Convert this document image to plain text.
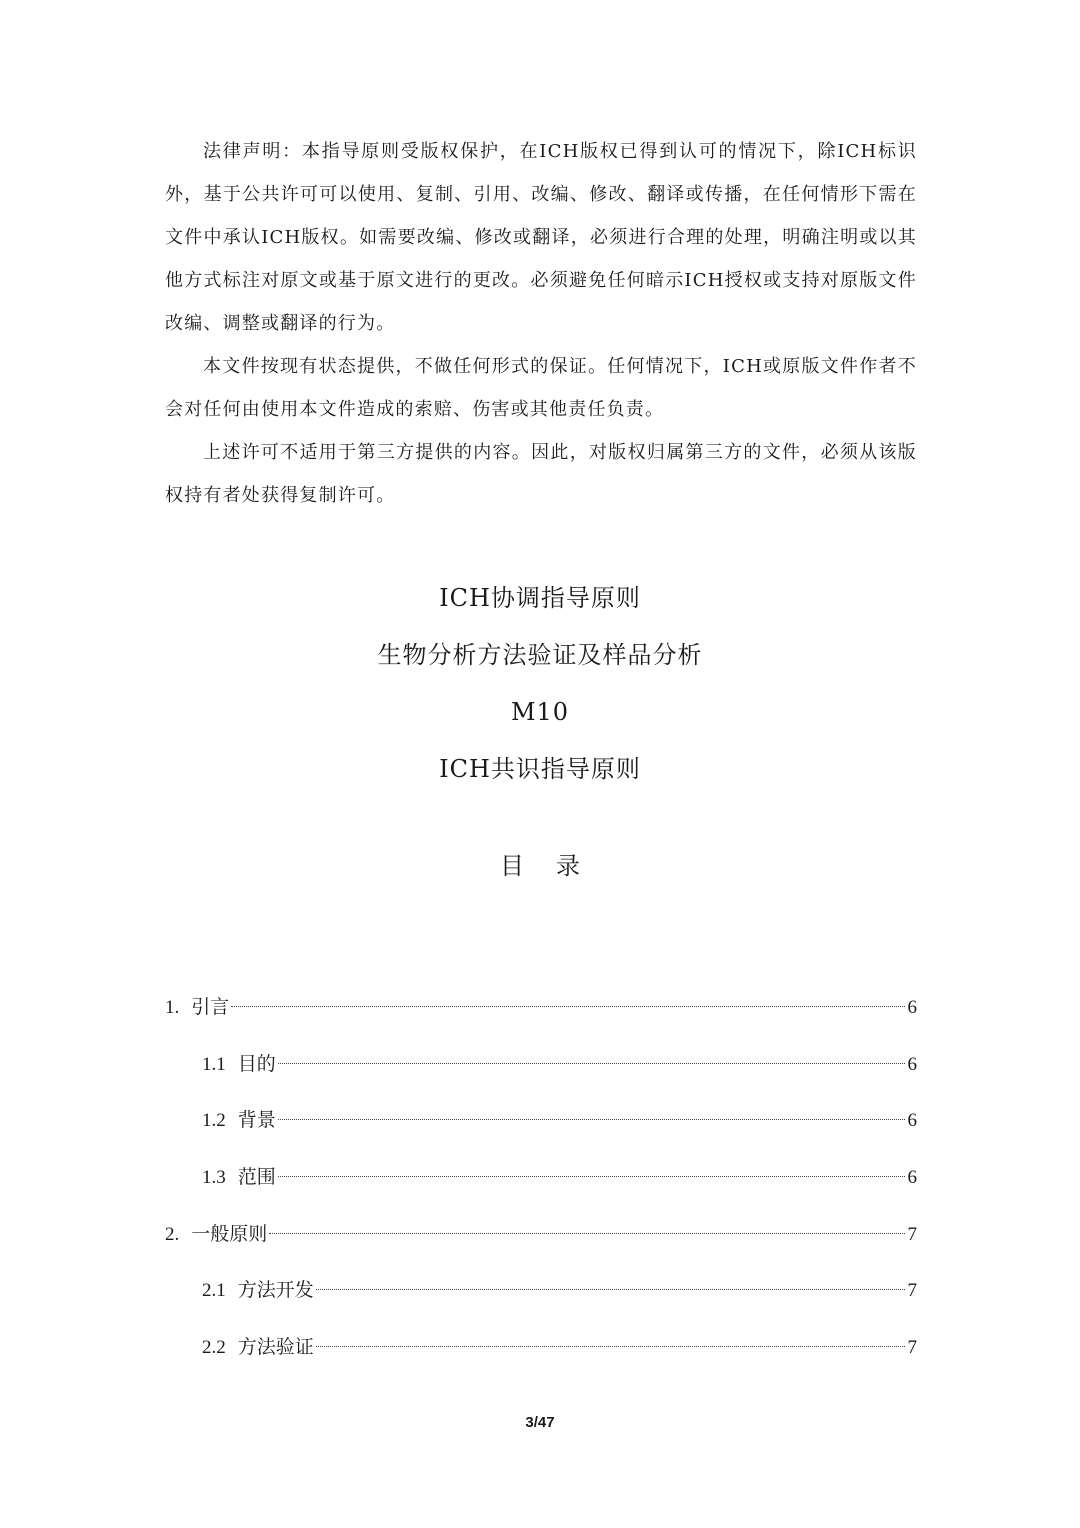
法律声明：本指导原则受版权保护，在ICH版权已得到认可的情况下，除ICH标识外，基于公共许可可以使用、复制、引用、改编、修改、翻译或传播，在任何情形下需在文件中承认ICH版权。如需要改编、修改或翻译，必须进行合理的处理，明确注明或以其他方式标注对原文或基于原文进行的更改。必须避免任何暗示ICH授权或支持对原版文件改编、调整或翻译的行为。

本文件按现有状态提供，不做任何形式的保证。任何情况下，ICH或原版文件作者不会对任何由使用本文件造成的索赔、伤害或其他责任负责。

上述许可不适用于第三方提供的内容。因此，对版权归属第三方的文件，必须从该版权持有者处获得复制许可。

ICH协调指导原则
生物分析方法验证及样品分析
M10
ICH共识指导原则
目录
1. 引言	6
1.1 目的	6
1.2 背景	6
1.3 范围	6
2. 一般原则	7
2.1 方法开发	7
2.2 方法验证	7
3/47
